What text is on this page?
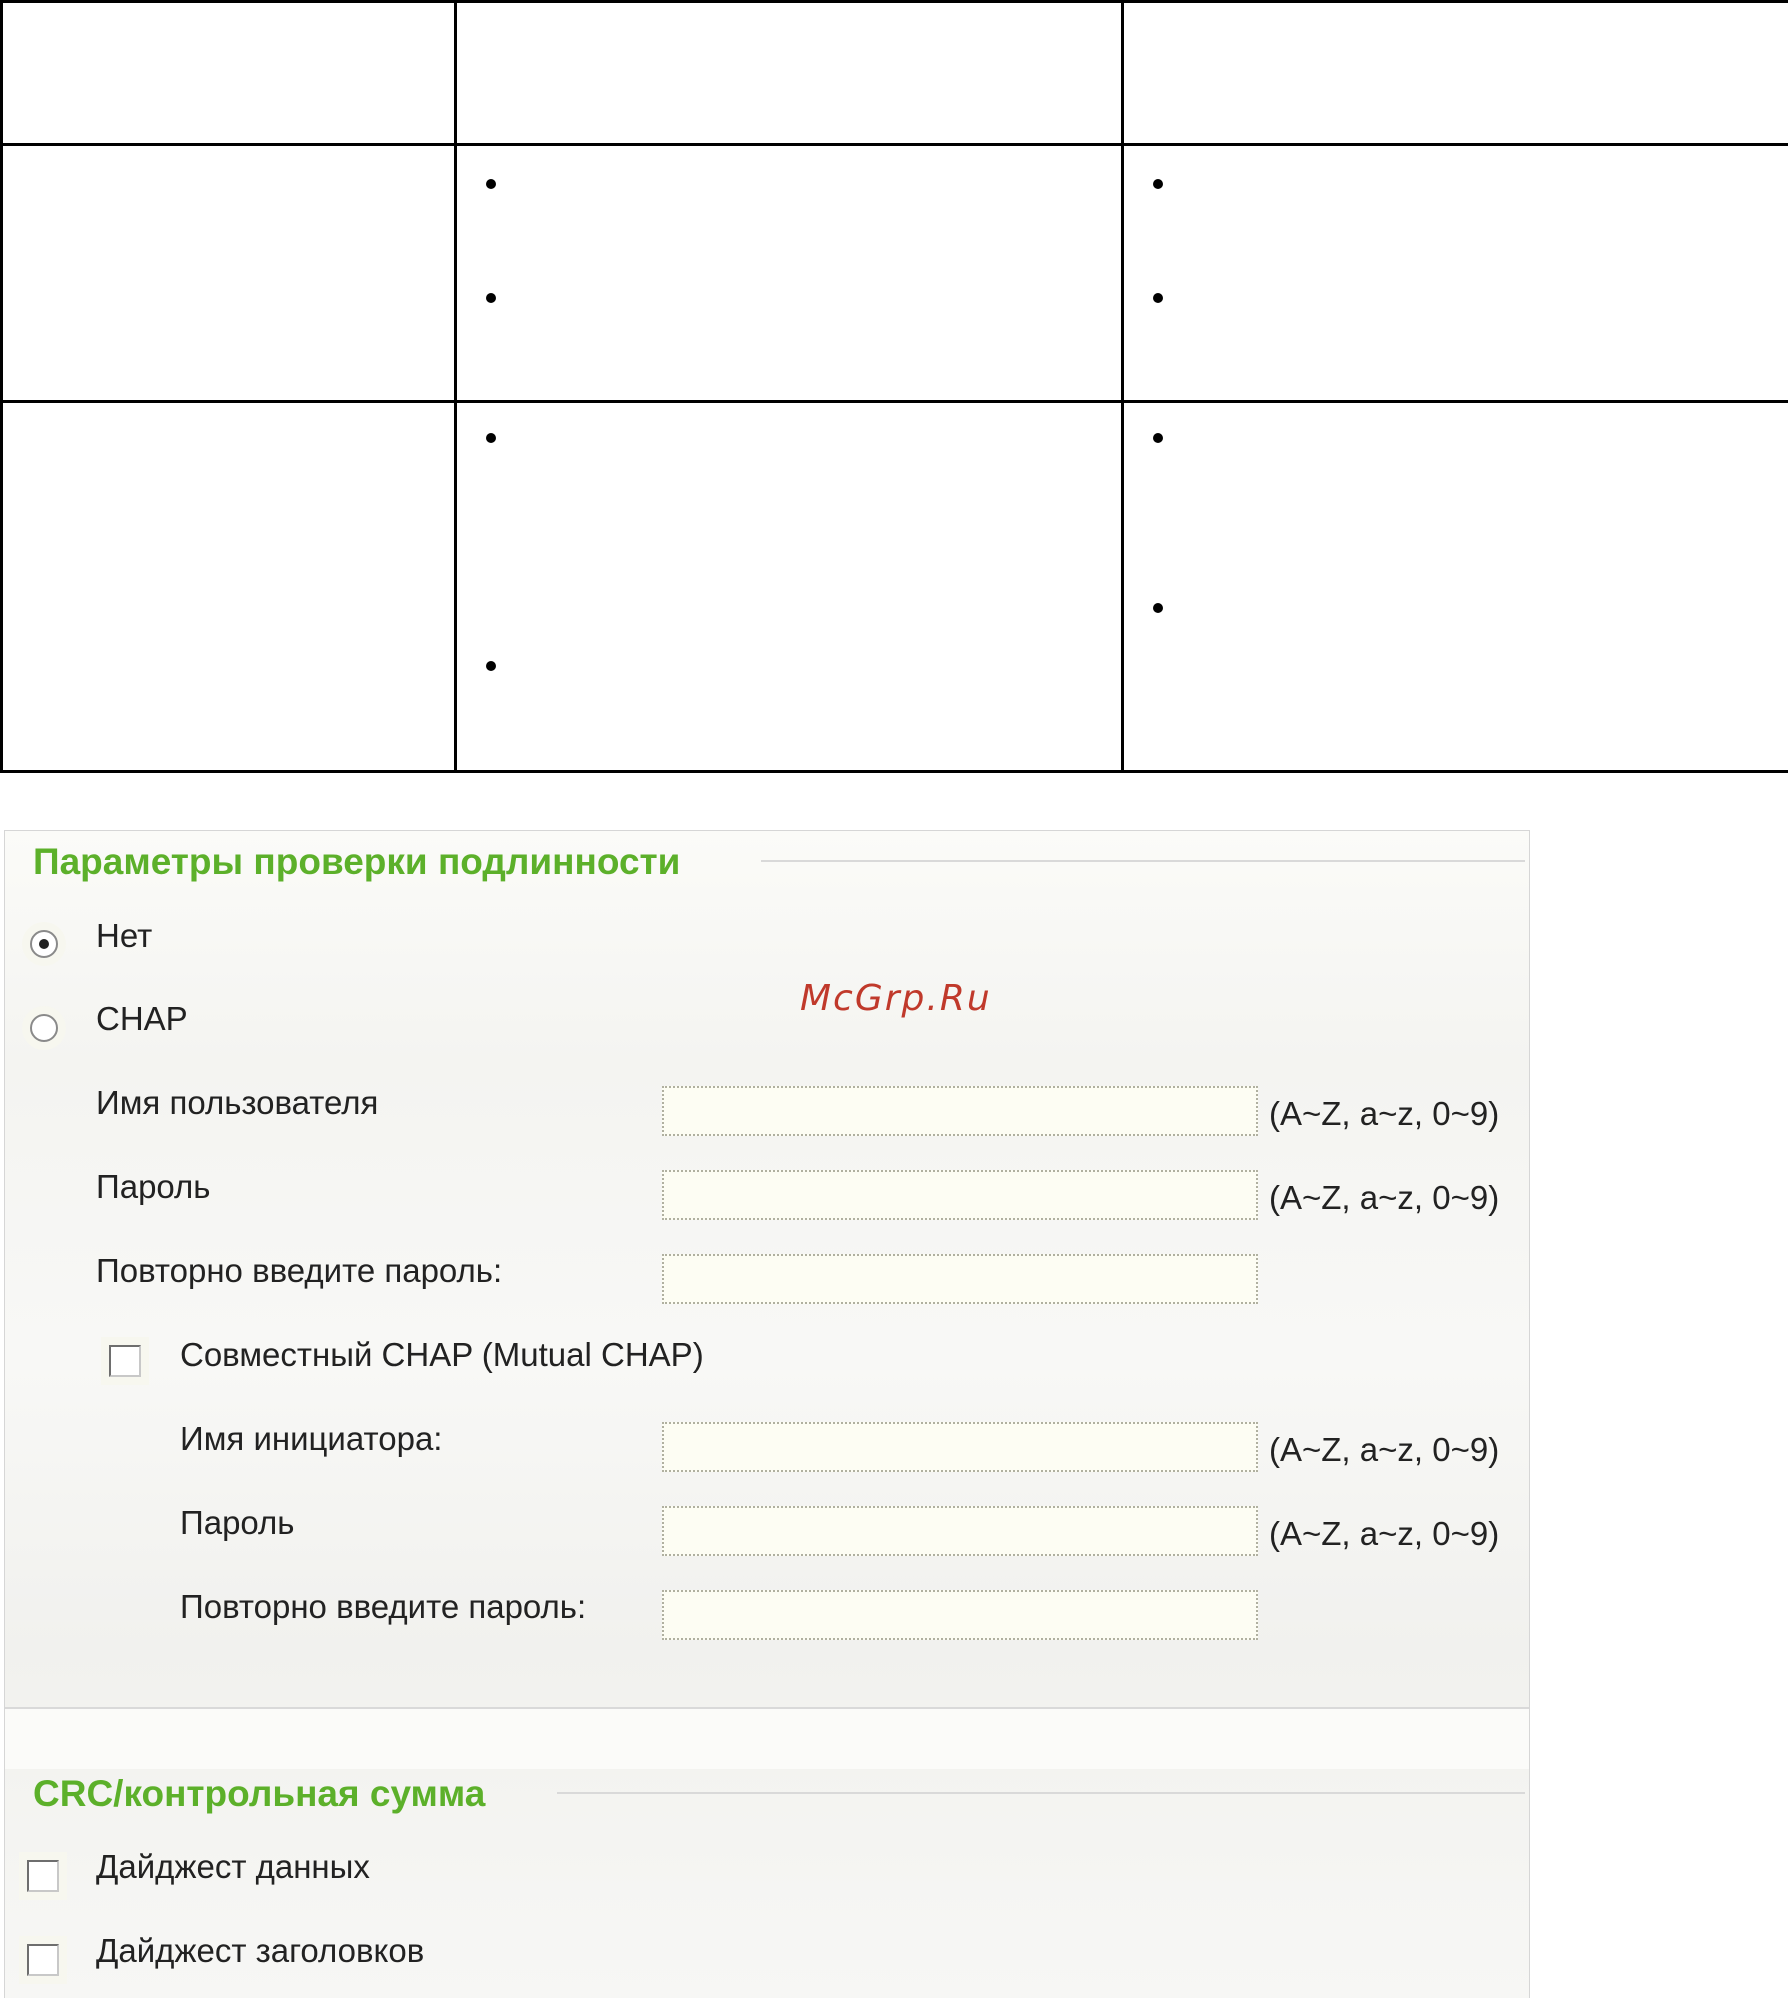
Параметры проверки подлинности
Нет
CHAP
Имя пользователя	(A~Z, a~z, 0~9)
Пароль	(A~Z, a~z, 0~9)
Повторно введите пароль:
Совместный CHAP (Mutual CHAP)
Имя инициатора:	(A~Z, a~z, 0~9)
Пароль	(A~Z, a~z, 0~9)
Повторно введите пароль:
CRC/контрольная сумма
Дайджест данных
Дайджест заголовков
McGrp.Ru
